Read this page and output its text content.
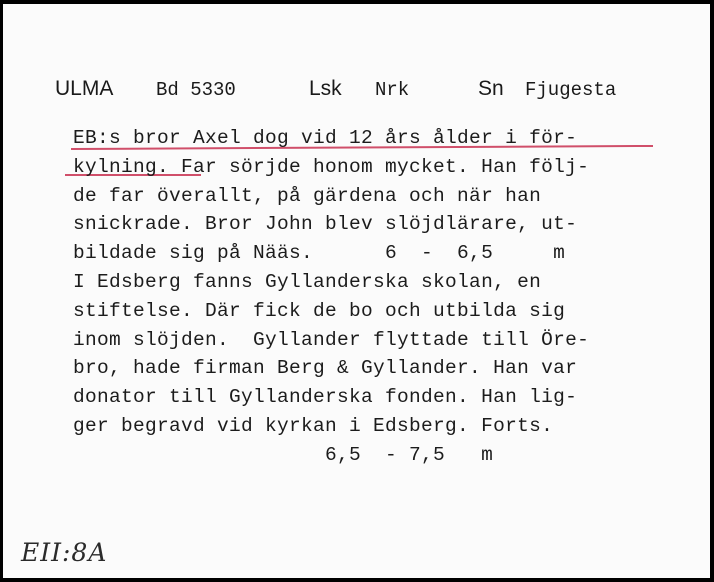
ULMA Bd 5330	Lsk Nrk	Sn Fjugesta
EB:s bror Axel dog vid 12 års ålder i för-
kylning. Far sörjde honom mycket. Han följ-
de far överallt, på gärdena och när han
snickrade. Bror John blev slöjdlärare, ut-
bildade sig på Nääs.      6  -  6,5     m
I Edsberg fanns Gyllanderska skolan, en
stiftelse. Där fick de bo och utbilda sig
inom slöjden.  Gyllander flyttade till Öre-
bro, hade firman Berg & Gyllander. Han var
donator till Gyllanderska fonden. Han lig-
ger begravd vid kyrkan i Edsberg. Forts.
6,5  - 7,5   m
EII:8A
